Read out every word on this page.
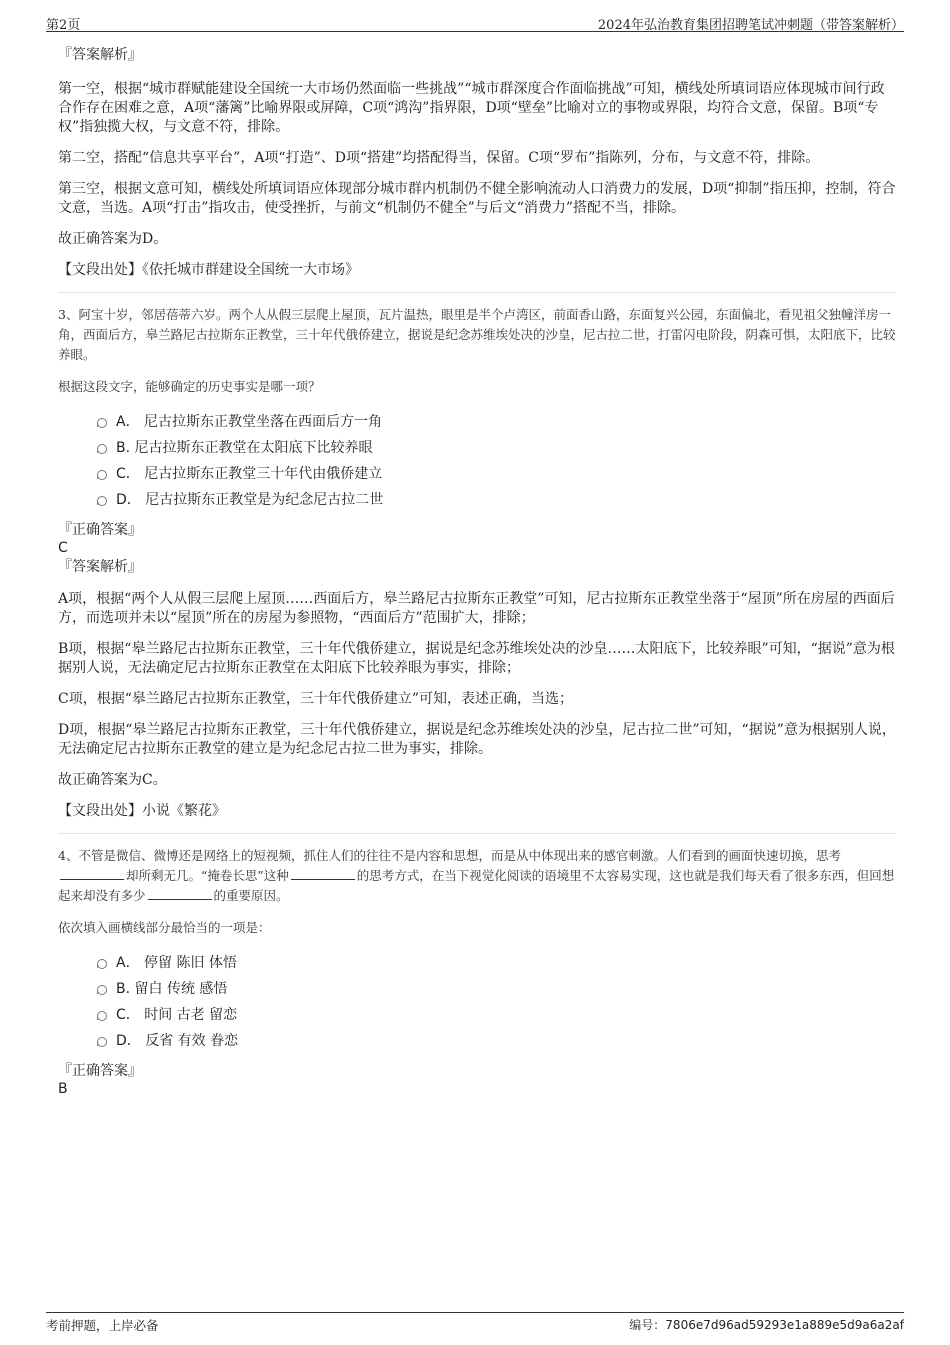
第2页	2024年弘治教育集团招聘笔试冲刺题（带答案解析）
『答案解析』
第一空，根据“城市群赋能建设全国统一大市场仍然面临一些挑战”“城市群深度合作面临挑战”可知，横线处所填词语应体现城市间行政合作存在困难之意，A项“藩篱”比喻界限或屏障，C项“鸿沟”指界限，D项“壁垒”比喻对立的事物或界限，均符合文意，保留。B项“专权”指独揽大权，与文意不符，排除。
第二空，搭配“信息共享平台”，A项“打造”、D项“搭建”均搭配得当，保留。C项“罗布”指陈列，分布，与文意不符，排除。
第三空，根据文意可知，横线处所填词语应体现部分城市群内机制仍不健全影响流动人口消费力的发展，D项“抑制”指压抑，控制，符合文意，当选。A项“打击”指攻击，使受挫折，与前文“机制仍不健全”与后文“消费力”搭配不当，排除。
故正确答案为D。
【文段出处】《依托城市群建设全国统一大市场》
3、阿宝十岁，邻居蓓蒂六岁。两个人从假三层爬上屋顶，瓦片温热，眼里是半个卢湾区，前面香山路，东面复兴公园，东面偏北，看见祖父独幢洋房一角，西面后方，皋兰路尼古拉斯东正教堂，三十年代俄侨建立，据说是纪念苏维埃处决的沙皇，尼古拉二世，打雷闪电阶段，阴森可惧，太阳底下，比较养眼。
根据这段文字，能够确定的历史事实是哪一项？
A． 尼古拉斯东正教堂坐落在西面后方一角
B. 尼古拉斯东正教堂在太阳底下比较养眼
C． 尼古拉斯东正教堂三十年代由俄侨建立
D． 尼古拉斯东正教堂是为纪念尼古拉二世
『正确答案』
C
『答案解析』
A项，根据“两个人从假三层爬上屋顶……西面后方，皋兰路尼古拉斯东正教堂”可知，尼古拉斯东正教堂坐落于“屋顶”所在房屋的西面后方，而选项并未以“屋顶”所在的房屋为参照物，“西面后方”范围扩大，排除；
B项，根据“皋兰路尼古拉斯东正教堂，三十年代俄侨建立，据说是纪念苏维埃处决的沙皇……太阳底下，比较养眼”可知，“据说”意为根据别人说，无法确定尼古拉斯东正教堂在太阳底下比较养眼为事实，排除；
C项，根据“皋兰路尼古拉斯东正教堂，三十年代俄侨建立”可知，表述正确，当选；
D项，根据“皋兰路尼古拉斯东正教堂，三十年代俄侨建立，据说是纪念苏维埃处决的沙皇，尼古拉二世”可知，“据说”意为根据别人说，无法确定尼古拉斯东正教堂的建立是为纪念尼古拉二世为事实，排除。
故正确答案为C。
【文段出处】小说《繁花》
4、不管是微信、微博还是网络上的短视频，抓住人们的往往不是内容和思想，而是从中体现出来的感官刺激。人们看到的画面快速切换，思考却所剩无几。“掩卷长思”这种	的思考方式，在当下视觉化阅读的语境里不太容易实现，这也就是我们每天看了很多东西，但回想起来却没有多少	的重要原因。
依次填入画横线部分最恰当的一项是：
A． 停留 陈旧 体悟
B. 留白 传统 感悟
C． 时间 古老 留恋
D． 反省 有效 眷恋
『正确答案』
B
考前押题，上岸必备	编号：7806e7d96ad59293e1a889e5d9a6a2af
